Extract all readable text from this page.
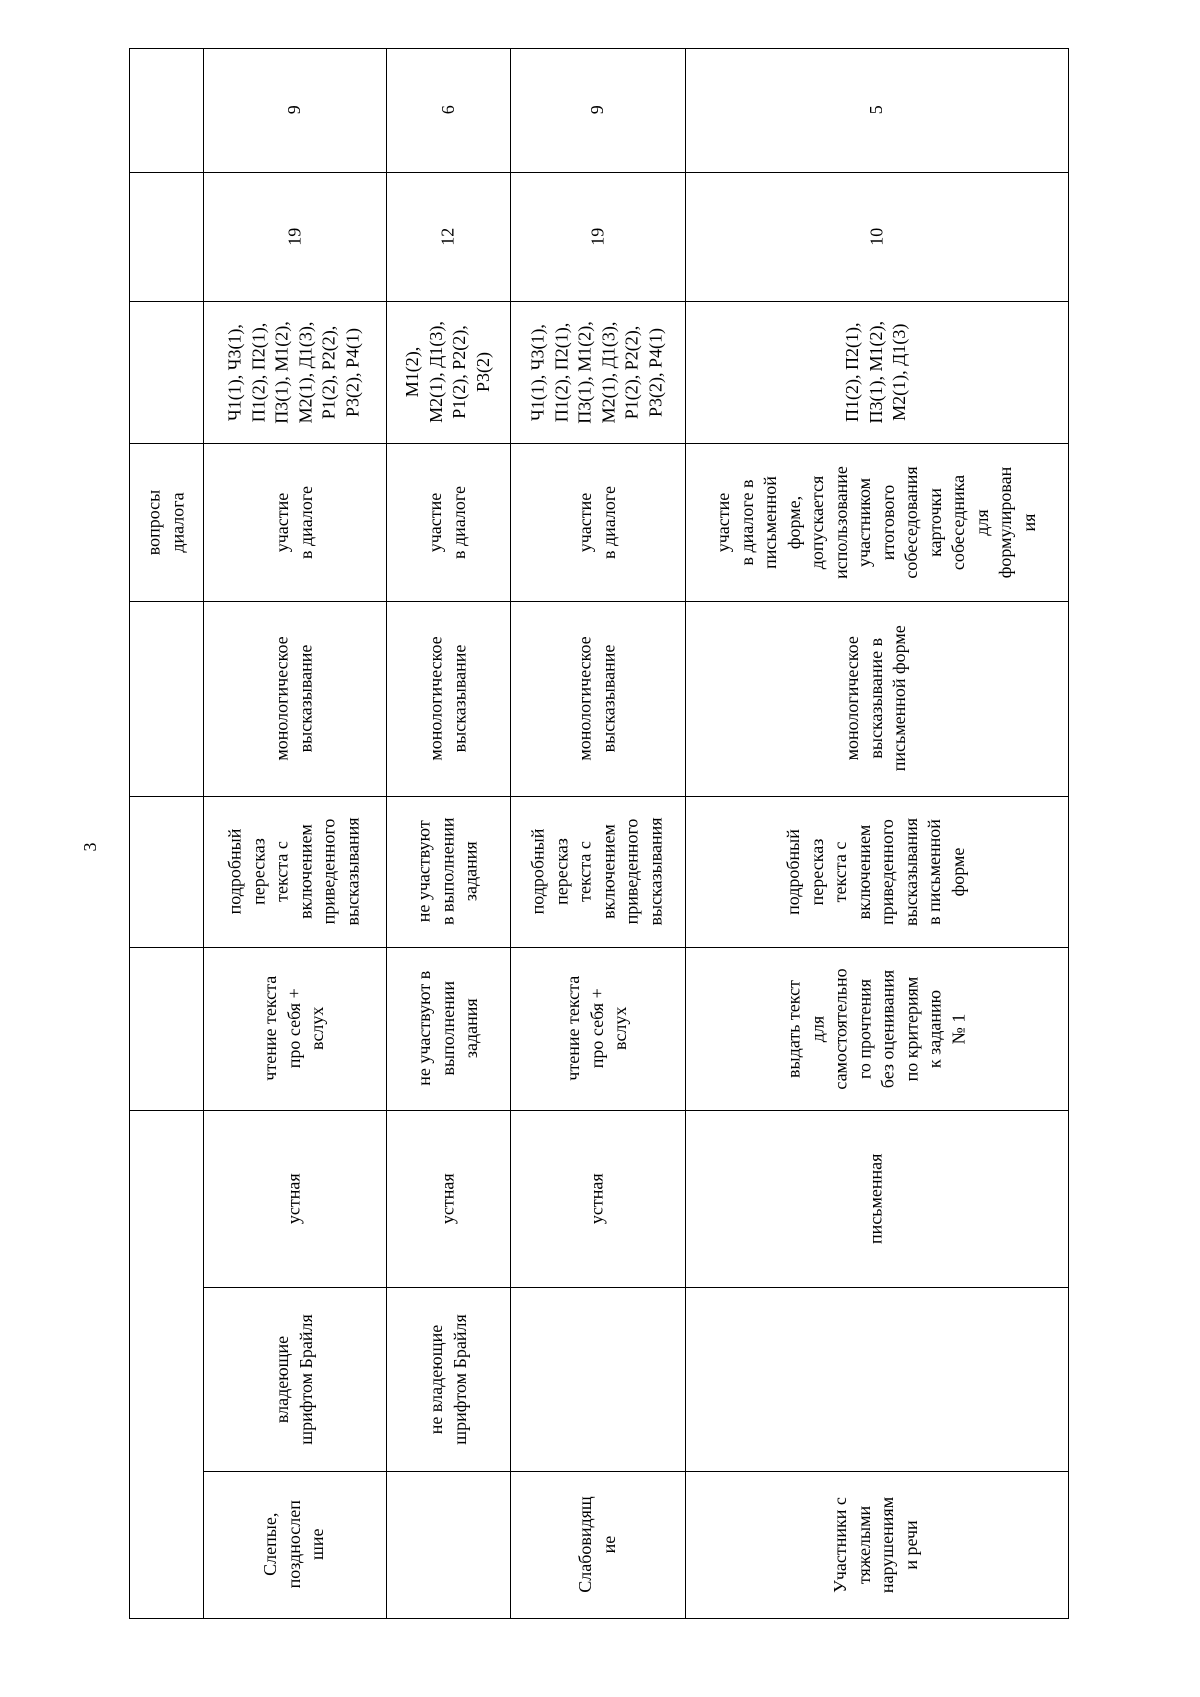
3
вопросы
диалога
Слепые,
позднослеп
шие
владеющие
шрифтом Брайля
устная
чтение текста
про себя +
вслух
подробный
пересказ
текста с
включением
приведенного
высказывания
монологическое
высказывание
участие
в диалоге
Ч1(1), Ч3(1),
П1(2), П2(1),
П3(1), М1(2),
М2(1), Д1(3),
Р1(2), Р2(2),
Р3(2), Р4(1)
19
9
не владеющие
шрифтом Брайля
устная
не участвуют в
выполнении
задания
не участвуют
в выполнении
задания
монологическое
высказывание
участие
в диалоге
М1(2),
М2(1), Д1(3),
Р1(2), Р2(2),
Р3(2)
12
6
Слабовидящ
ие
устная
чтение текста
про себя +
вслух
подробный
пересказ
текста с
включением
приведенного
высказывания
монологическое
высказывание
участие
в диалоге
Ч1(1), Ч3(1),
П1(2), П2(1),
П3(1), М1(2),
М2(1), Д1(3),
Р1(2), Р2(2),
Р3(2), Р4(1)
19
9
Участники с
тяжелыми
нарушениям
и речи
письменная
выдать текст
для
самостоятельно
го прочтения
без оценивания
по критериям
к заданию
№ 1
подробный
пересказ
текста с
включением
приведенного
высказывания
в письменной
форме
монологическое
высказывание в
письменной форме
участие
в диалоге в
письменной
форме,
допускается
использование
участником
итогового
собеседования
карточки
собеседника
для
формулирован
ия
П1(2), П2(1),
П3(1), М1(2),
М2(1), Д1(3)
10
5
